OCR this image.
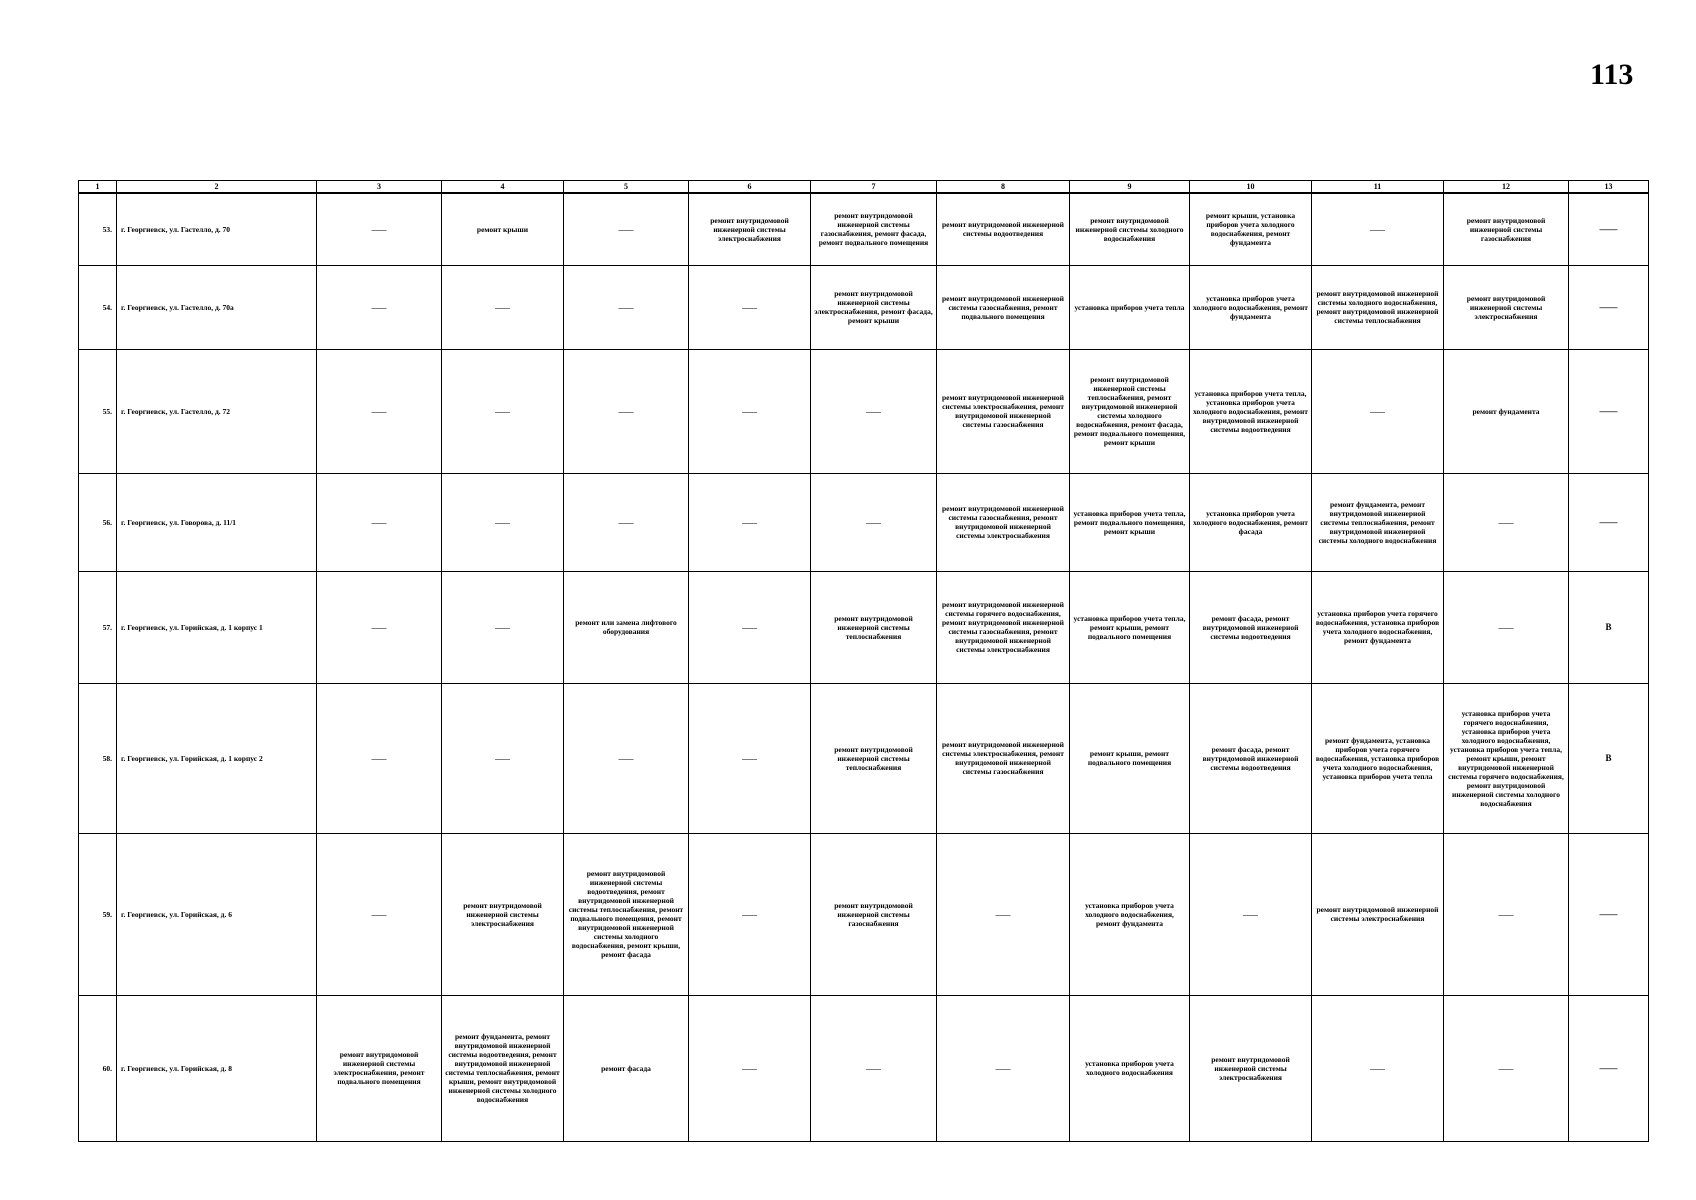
113
1	2	3	4	5	6	7	8	9	10	11	12	13
53.	г. Георгиевск, ул. Гастелло, д. 70	——	ремонт крыши	——	ремонт внутридомовой инженерной системы электроснабжения	ремонт внутридомовой инженерной системы газоснабжения, ремонт фасада, ремонт подвального помещения	ремонт внутридомовой инженерной системы водоотведения	ремонт внутридомовой инженерной системы холодного водоснабжения	ремонт крыши, установка приборов учета холодного водоснабжения, ремонт фундамента	——	ремонт внутридомовой инженерной системы газоснабжения	——
54.	г. Георгиевск, ул. Гастелло, д. 70а	——	——	——	——	ремонт внутридомовой инженерной системы электроснабжения, ремонт фасада, ремонт крыши	ремонт внутридомовой инженерной системы газоснабжения, ремонт подвального помещения	установка приборов учета тепла	установка приборов учета холодного водоснабжения, ремонт фундамента	ремонт внутридомовой инженерной системы холодного водоснабжения, ремонт внутридомовой инженерной системы теплоснабжения	ремонт внутридомовой инженерной системы электроснабжения	——
55.	г. Георгиевск, ул. Гастелло, д. 72	——	——	——	——	——	ремонт внутридомовой инженерной системы электроснабжения, ремонт внутридомовой инженерной системы газоснабжения	ремонт внутридомовой инженерной системы теплоснабжения, ремонт внутридомовой инженерной системы холодного водоснабжения, ремонт фасада, ремонт подвального помещения, ремонт крыши	установка приборов учета тепла, установка приборов учета холодного водоснабжения, ремонт внутридомовой инженерной системы водоотведения	——	ремонт фундамента	——
56.	г. Георгиевск, ул. Говорова, д. 11/1	——	——	——	——	——	ремонт внутридомовой инженерной системы газоснабжения, ремонт внутридомовой инженерной системы электроснабжения	установка приборов учета тепла, ремонт подвального помещения, ремонт крыши	установка приборов учета холодного водоснабжения, ремонт фасада	ремонт фундамента, ремонт внутридомовой инженерной системы теплоснабжения, ремонт внутридомовой инженерной системы холодного водоснабжения	——	——
57.	г. Георгиевск, ул. Горийская, д. 1 корпус 1	——	——	ремонт или замена лифтового оборудования	——	ремонт внутридомовой инженерной системы теплоснабжения	ремонт внутридомовой инженерной системы горячего водоснабжения, ремонт внутридомовой инженерной системы газоснабжения, ремонт внутридомовой инженерной системы электроснабжения	установка приборов учета тепла, ремонт крыши, ремонт подвального помещения	ремонт фасада, ремонт внутридомовой инженерной системы водоотведения	установка приборов учета горячего водоснабжения, установка приборов учета холодного водоснабжения, ремонт фундамента	——	В
58.	г. Георгиевск, ул. Горийская, д. 1 корпус 2	——	——	——	——	ремонт внутридомовой инженерной системы теплоснабжения	ремонт внутридомовой инженерной системы электроснабжения, ремонт внутридомовой инженерной системы газоснабжения	ремонт крыши, ремонт подвального помещения	ремонт фасада, ремонт внутридомовой инженерной системы водоотведения	ремонт фундамента, установка приборов учета горячего водоснабжения, установка приборов учета холодного водоснабжения, установка приборов учета тепла	установка приборов учета горячего водоснабжения, установка приборов учета холодного водоснабжения, установка приборов учета тепла, ремонт крыши, ремонт внутридомовой инженерной системы горячего водоснабжения, ремонт внутридомовой инженерной системы холодного водоснабжения	В
59.	г. Георгиевск, ул. Горийская, д. 6	——	ремонт внутридомовой инженерной системы электроснабжения	ремонт внутридомовой инженерной системы водоотведения, ремонт внутридомовой инженерной системы теплоснабжения, ремонт подвального помещения, ремонт внутридомовой инженерной системы холодного водоснабжения, ремонт крыши, ремонт фасада	——	ремонт внутридомовой инженерной системы газоснабжения	——	установка приборов учета холодного водоснабжения, ремонт фундамента	——	ремонт внутридомовой инженерной системы электроснабжения	——	——
60.	г. Георгиевск, ул. Горийская, д. 8	ремонт внутридомовой инженерной системы электроснабжения, ремонт подвального помещения	ремонт фундамента, ремонт внутридомовой инженерной системы водоотведения, ремонт внутридомовой инженерной системы теплоснабжения, ремонт крыши, ремонт внутридомовой инженерной системы холодного водоснабжения	ремонт фасада	——	——	——	установка приборов учета холодного водоснабжения	ремонт внутридомовой инженерной системы электроснабжения	——	——	——
